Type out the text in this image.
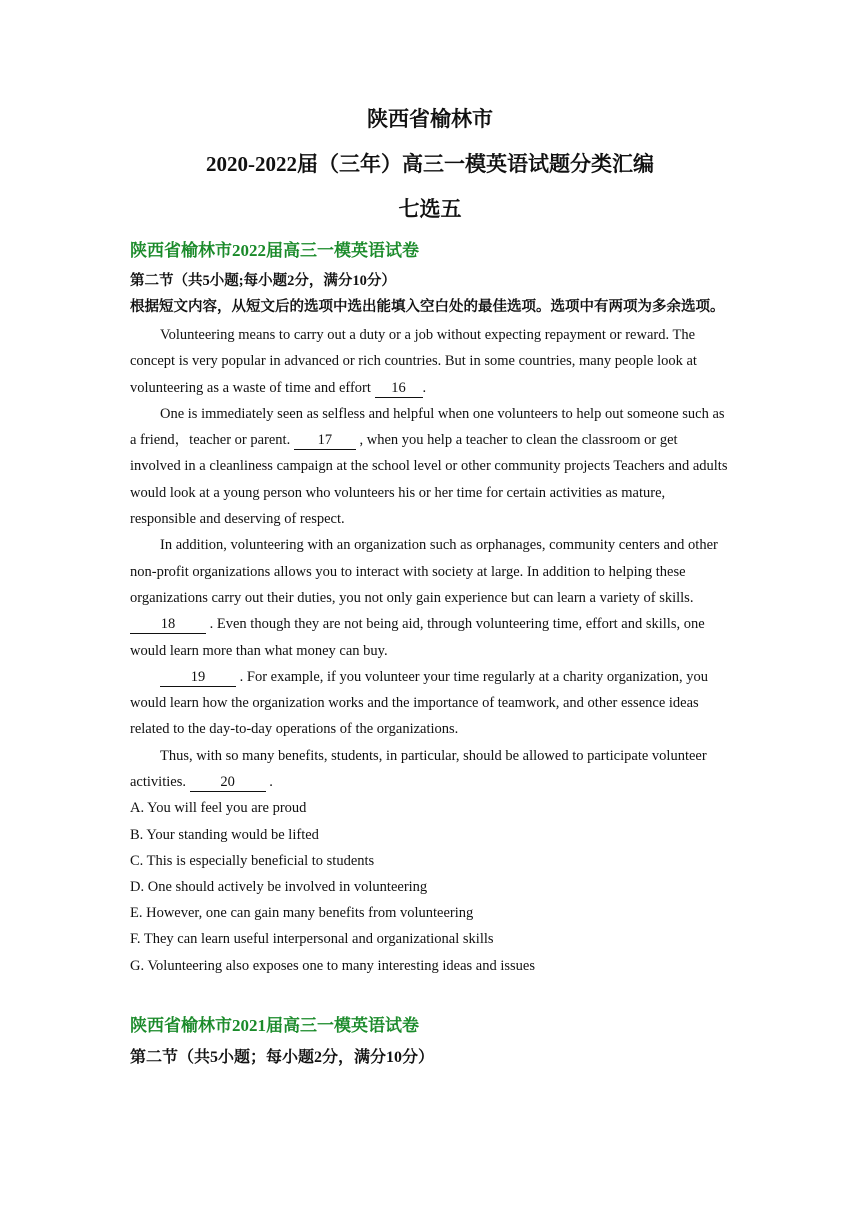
陕西省榆林市

2020-2022届（三年）高三一模英语试题分类汇编

七选五

陕西省榆林市2022届高三一模英语试卷

第二节（共5小题;每小题2分，满分10分）

根据短文内容，从短文后的选项中选出能填入空白处的最佳选项。选项中有两项为多余选项。

Volunteering means to carry out a duty or a job without expecting repayment or reward. The concept is very popular in advanced or rich countries. But in some countries, many people look at volunteering as a waste of time and effort 16 .

One is immediately seen as selfless and helpful when one volunteers to help out someone such as a friend，teacher or parent. 17 , when you help a teacher to clean the classroom or get involved in a cleanliness campaign at the school level or other community projects Teachers and adults would look at a young person who volunteers his or her time for certain activities as mature, responsible and deserving of respect.

In addition, volunteering with an organization such as orphanages, community centers and other non-profit organizations allows you to interact with society at large. In addition to helping these organizations carry out their duties, you not only gain experience but can learn a variety of skills. 18 . Even though they are not being aid, through volunteering time, effort and skills, one would learn more than what money can buy.

19 . For example, if you volunteer your time regularly at a charity organization, you would learn how the organization works and the importance of teamwork, and other essence ideas related to the day-to-day operations of the organizations.

Thus, with so many benefits, students, in particular, should be allowed to participate volunteer activities. 20 .

A. You will feel you are proud
B. Your standing would be lifted
C. This is especially beneficial to students
D. One should actively be involved in volunteering
E. However, one can gain many benefits from volunteering
F. They can learn useful interpersonal and organizational skills
G. Volunteering also exposes one to many interesting ideas and issues

陕西省榆林市2021届高三一模英语试卷

第二节（共5小题；每小题2分，满分10分）
